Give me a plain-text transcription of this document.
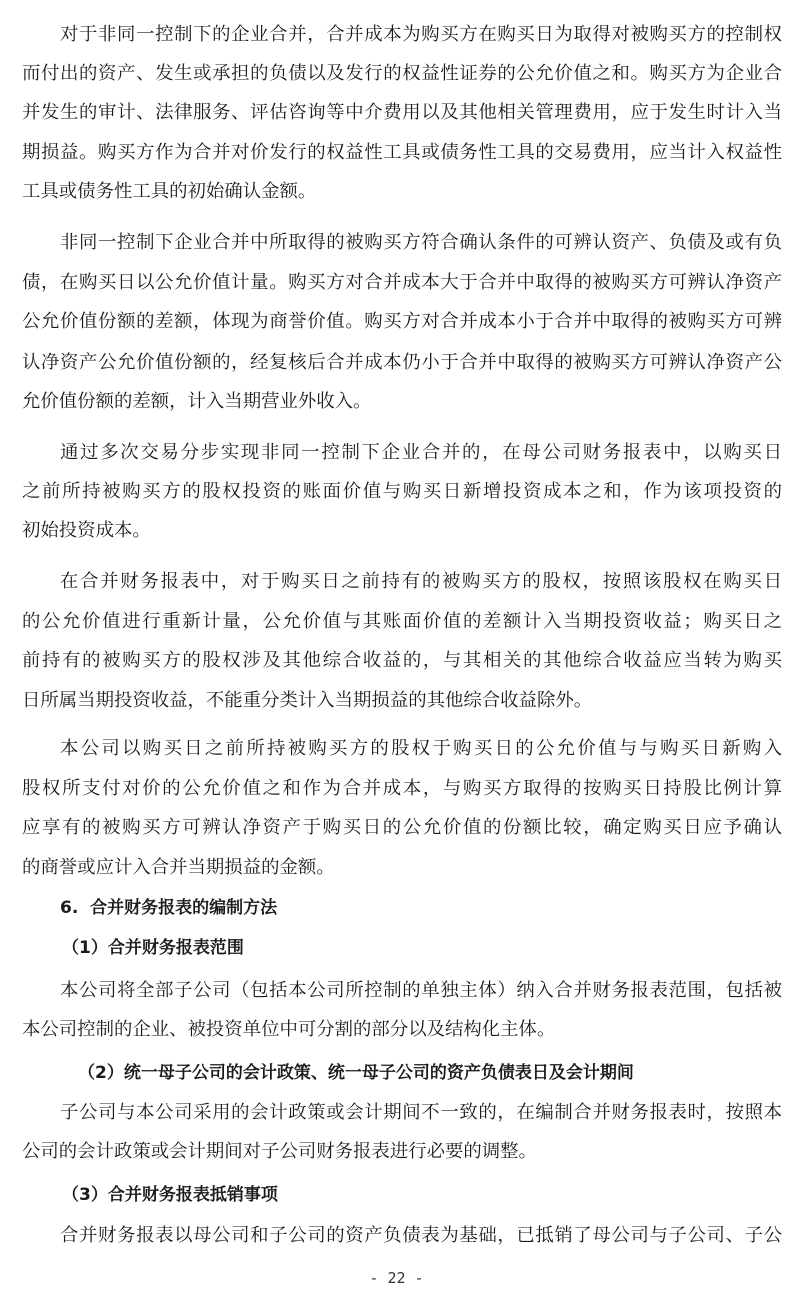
对于非同一控制下的企业合并，合并成本为购买方在购买日为取得对被购买方的控制权
而付出的资产、发生或承担的负债以及发行的权益性证券的公允价值之和。购买方为企业合
并发生的审计、法律服务、评估咨询等中介费用以及其他相关管理费用，应于发生时计入当
期损益。购买方作为合并对价发行的权益性工具或债务性工具的交易费用，应当计入权益性
工具或债务性工具的初始确认金额。
非同一控制下企业合并中所取得的被购买方符合确认条件的可辨认资产、负债及或有负
债，在购买日以公允价值计量。购买方对合并成本大于合并中取得的被购买方可辨认净资产
公允价值份额的差额，体现为商誉价值。购买方对合并成本小于合并中取得的被购买方可辨
认净资产公允价值份额的，经复核后合并成本仍小于合并中取得的被购买方可辨认净资产公
允价值份额的差额，计入当期营业外收入。
通过多次交易分步实现非同一控制下企业合并的，在母公司财务报表中，以购买日
之前所持被购买方的股权投资的账面价值与购买日新增投资成本之和，作为该项投资的
初始投资成本。
在合并财务报表中，对于购买日之前持有的被购买方的股权，按照该股权在购买日
的公允价值进行重新计量，公允价值与其账面价值的差额计入当期投资收益；购买日之
前持有的被购买方的股权涉及其他综合收益的，与其相关的其他综合收益应当转为购买
日所属当期投资收益，不能重分类计入当期损益的其他综合收益除外。
本公司以购买日之前所持被购买方的股权于购买日的公允价值与与购买日新购入
股权所支付对价的公允价值之和作为合并成本，与购买方取得的按购买日持股比例计算
应享有的被购买方可辨认净资产于购买日的公允价值的份额比较，确定购买日应予确认
的商誉或应计入合并当期损益的金额。
6.  合并财务报表的编制方法
（1）合并财务报表范围
本公司将全部子公司（包括本公司所控制的单独主体）纳入合并财务报表范围，包括被
本公司控制的企业、被投资单位中可分割的部分以及结构化主体。
（2）统一母子公司的会计政策、统一母子公司的资产负债表日及会计期间
子公司与本公司采用的会计政策或会计期间不一致的，在编制合并财务报表时，按照本
公司的会计政策或会计期间对子公司财务报表进行必要的调整。
（3）合并财务报表抵销事项
合并财务报表以母公司和子公司的资产负债表为基础，已抵销了母公司与子公司、子公
- 22 -
